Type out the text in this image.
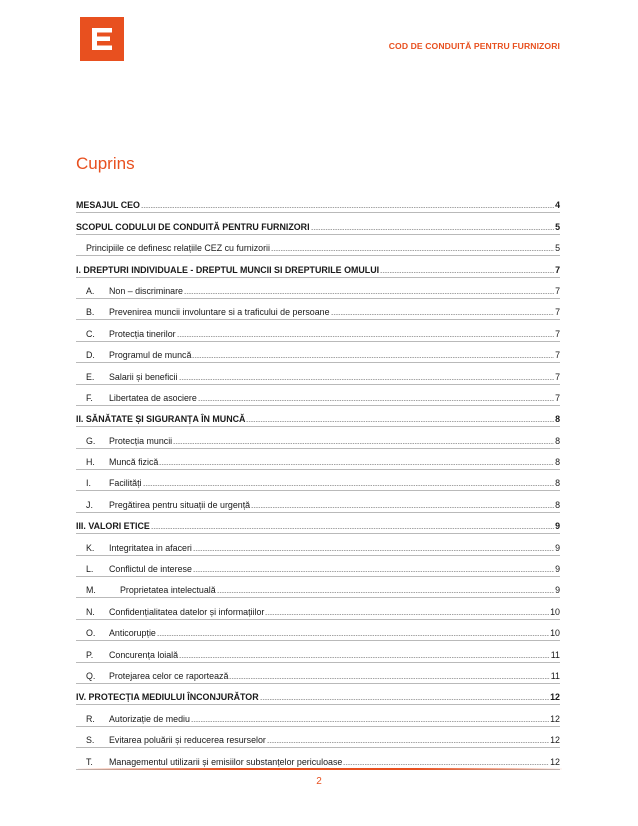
COD DE CONDUITĂ PENTRU FURNIZORI
Cuprins
MESAJUL CEO	4
SCOPUL CODULUI DE CONDUITĂ PENTRU FURNIZORI	5
Principiile ce definesc relațiile CEZ cu furnizorii	5
I. DREPTURI INDIVIDUALE - DREPTUL MUNCII SI DREPTURILE OMULUI	7
A.	Non – discriminare	7
B.	Prevenirea muncii involuntare si a traficului de persoane	7
C.	Protecția tinerilor	7
D.	Programul de muncă	7
E.	Salarii și beneficii	7
F.	Libertatea de asociere	7
II. SĂNĂTATE ȘI SIGURANȚA ÎN MUNCĂ	8
G.	Protecția muncii	8
H.	Muncă fizică	8
I.	Facilități	8
J.	Pregătirea pentru situații de urgență	8
III. VALORI ETICE	9
K.	Integritatea in afaceri	9
L.	Conflictul de interese	9
M.	Proprietatea intelectuală	9
N.	Confidențialitatea datelor și informațiilor	10
O.	Anticorupție	10
P.	Concurența loială	11
Q.	Protejarea celor ce raportează	11
IV. PROTECȚIA MEDIULUI ÎNCONJURĂTOR	12
R.	Autorizație de mediu	12
S.	Evitarea poluării și reducerea resurselor	12
T.	Managementul utilizarii și emisiilor substanțelor periculoase	12
2
